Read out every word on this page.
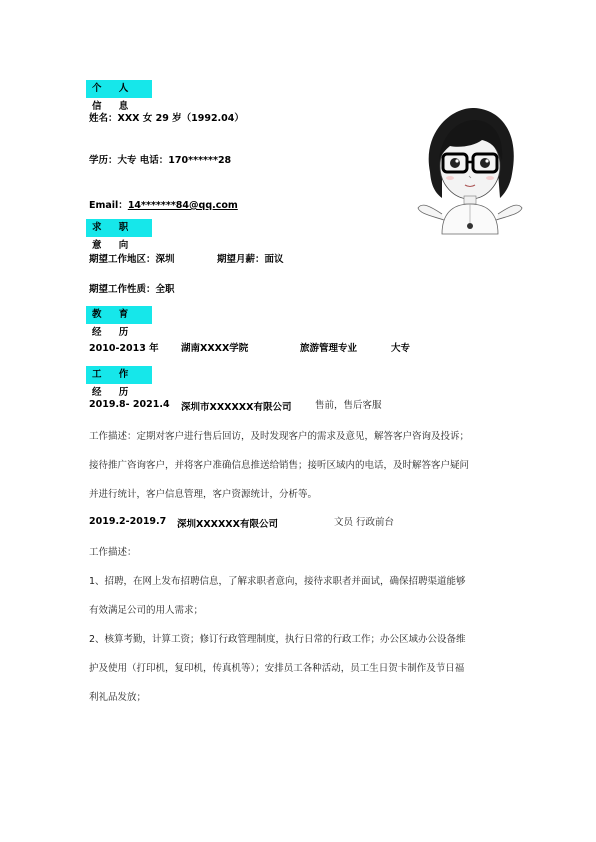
个 人 信 息
姓名：XXX 女 29 岁（1992.04）
学历：大专 电话：170******28
Email：14*******84@qq.com
求 职 意 向
期望工作地区：深圳	期望月薪：面议
期望工作性质：全职
教 育 经 历
2010-2013 年 湖南XXXX学院	旅游管理专业	大专
工 作 经 历
2019.8- 2021.4 深圳市XXXXXX有限公司 售前，售后客服
工作描述：定期对客户进行售后回访，及时发现客户的需求及意见，解答客户咨询及投诉；
接待推广咨询客户，并将客户准确信息推送给销售；接听区域内的电话，及时解答客户疑问
并进行统计，客户信息管理，客户资源统计，分析等。
2019.2-2019.7 深圳XXXXXX有限公司	文员 行政前台
工作描述：
1、招聘，在网上发布招聘信息，了解求职者意向，接待求职者并面试，确保招聘渠道能够
有效满足公司的用人需求；
2、核算考勤，计算工资；修订行政管理制度，执行日常的行政工作；办公区域办公设备维
护及使用（打印机，复印机，传真机等）；安排员工各种活动，员工生日贺卡制作及节日福
利礼品发放；
